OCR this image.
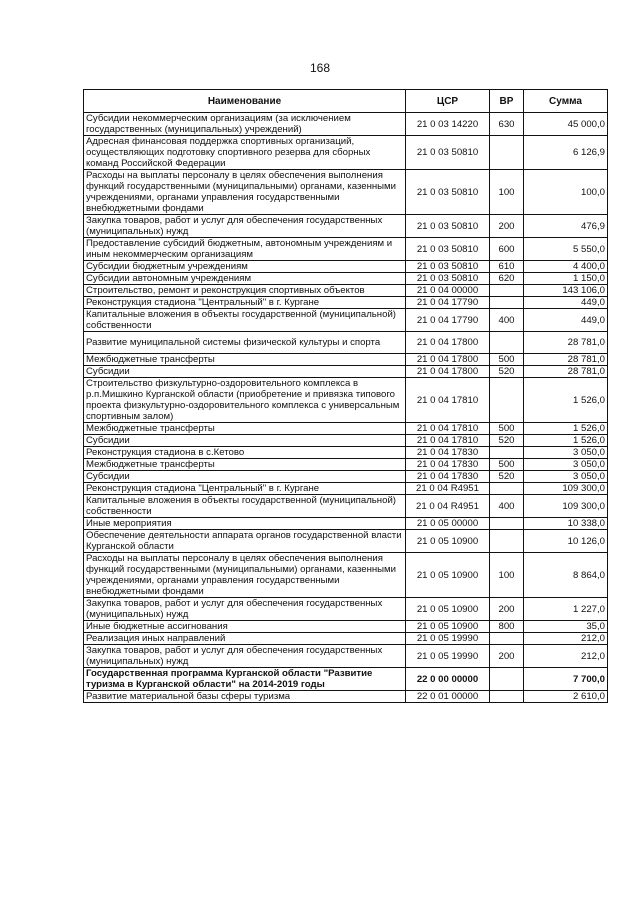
168
Наименование	ЦСР	ВР	Сумма
Субсидии некоммерческим организациям (за исключением государственных (муниципальных) учреждений)	21 0 03 14220	630	45 000,0
Адресная финансовая поддержка спортивных организаций, осуществляющих подготовку спортивного резерва для сборных команд Российской Федерации	21 0 03 50810		6 126,9
Расходы на выплаты персоналу в целях обеспечения выполнения функций государственными (муниципальными) органами, казенными учреждениями, органами управления государственными внебюджетными фондами	21 0 03 50810	100	100,0
Закупка товаров, работ и услуг для обеспечения государственных (муниципальных) нужд	21 0 03 50810	200	476,9
Предоставление субсидий бюджетным, автономным учреждениям и иным некоммерческим организациям	21 0 03 50810	600	5 550,0
Субсидии бюджетным учреждениям	21 0 03 50810	610	4 400,0
Субсидии автономным учреждениям	21 0 03 50810	620	1 150,0
Строительство, ремонт и реконструкция спортивных объектов	21 0 04 00000		143 106,0
Реконструкция стадиона "Центральный" в г. Кургане	21 0 04 17790		449,0
Капитальные вложения в объекты государственной (муниципальной) собственности	21 0 04 17790	400	449,0
Развитие муниципальной системы физической культуры и спорта	21 0 04 17800		28 781,0
Межбюджетные трансферты	21 0 04 17800	500	28 781,0
Субсидии	21 0 04 17800	520	28 781,0
Строительство физкультурно-оздоровительного комплекса в р.п.Мишкино Курганской области (приобретение и привязка типового проекта физкультурно-оздоровительного комплекса с универсальным спортивным залом)	21 0 04 17810		1 526,0
Межбюджетные трансферты	21 0 04 17810	500	1 526,0
Субсидии	21 0 04 17810	520	1 526,0
Реконструкция стадиона в с.Кетово	21 0 04 17830		3 050,0
Межбюджетные трансферты	21 0 04 17830	500	3 050,0
Субсидии	21 0 04 17830	520	3 050,0
Реконструкция стадиона "Центральный" в г. Кургане	21 0 04 R4951		109 300,0
Капитальные вложения в объекты государственной (муниципальной) собственности	21 0 04 R4951	400	109 300,0
Иные мероприятия	21 0 05 00000		10 338,0
Обеспечение деятельности аппарата органов государственной власти Курганской области	21 0 05 10900		10 126,0
Расходы на выплаты персоналу в целях обеспечения выполнения функций государственными (муниципальными) органами, казенными учреждениями, органами управления государственными внебюджетными фондами	21 0 05 10900	100	8 864,0
Закупка товаров, работ и услуг для обеспечения государственных (муниципальных) нужд	21 0 05 10900	200	1 227,0
Иные бюджетные ассигнования	21 0 05 10900	800	35,0
Реализация иных направлений	21 0 05 19990		212,0
Закупка товаров, работ и услуг для обеспечения государственных (муниципальных) нужд	21 0 05 19990	200	212,0
Государственная программа Курганской области "Развитие туризма в Курганской области" на 2014-2019 годы	22 0 00 00000		7 700,0
Развитие материальной базы сферы туризма	22 0 01 00000		2 610,0
